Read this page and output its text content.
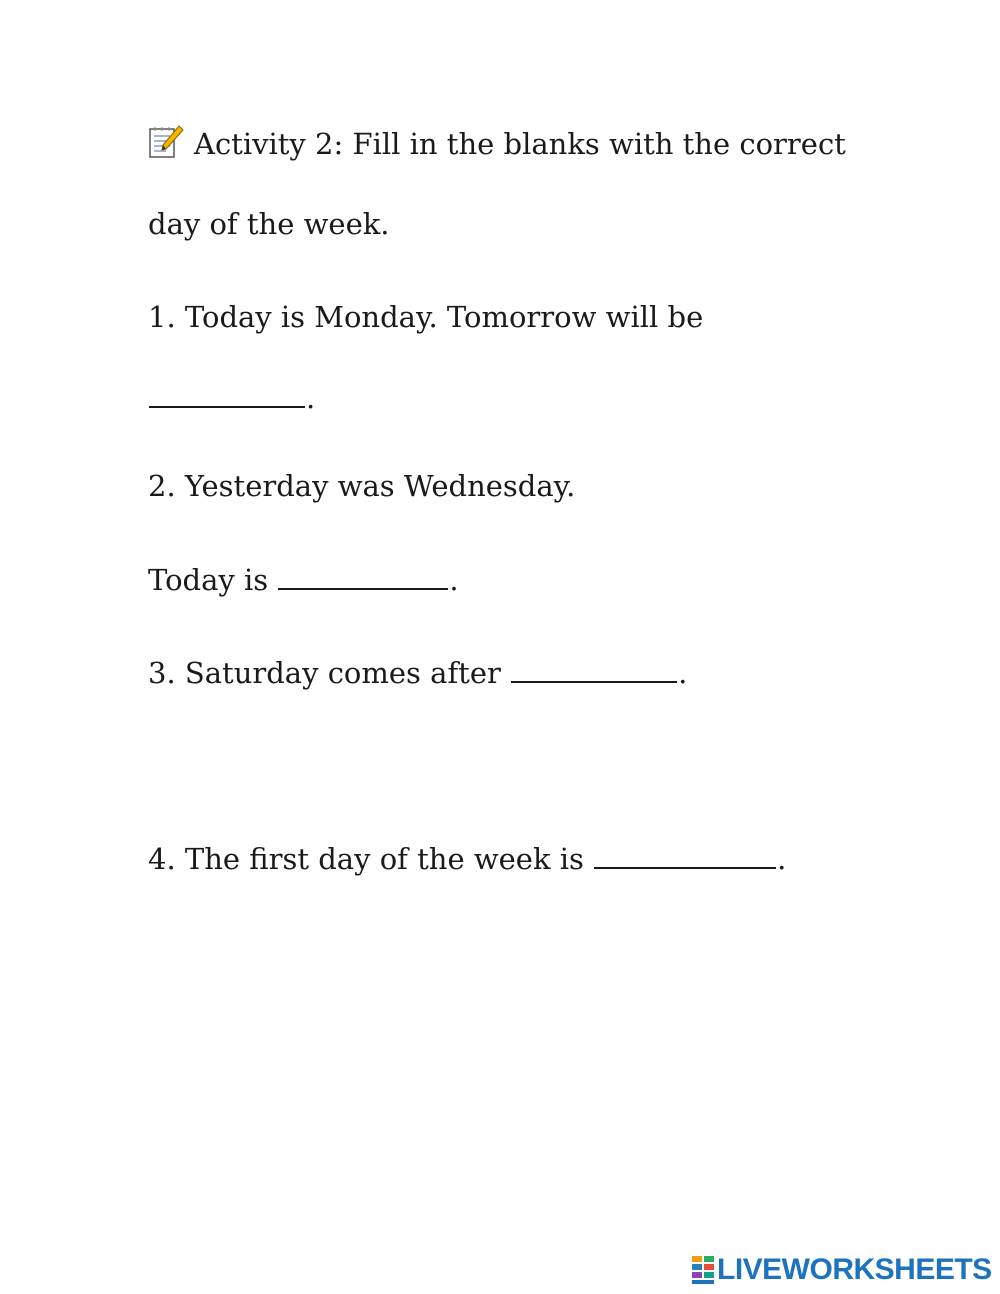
Activity 2: Fill in the blanks with the correct
day of the week.
1. Today is Monday. Tomorrow will be
.
2. Yesterday was Wednesday.
Today is	.
3. Saturday comes after	.
4. The first day of the week is	.
LIVEWORKSHEETS
